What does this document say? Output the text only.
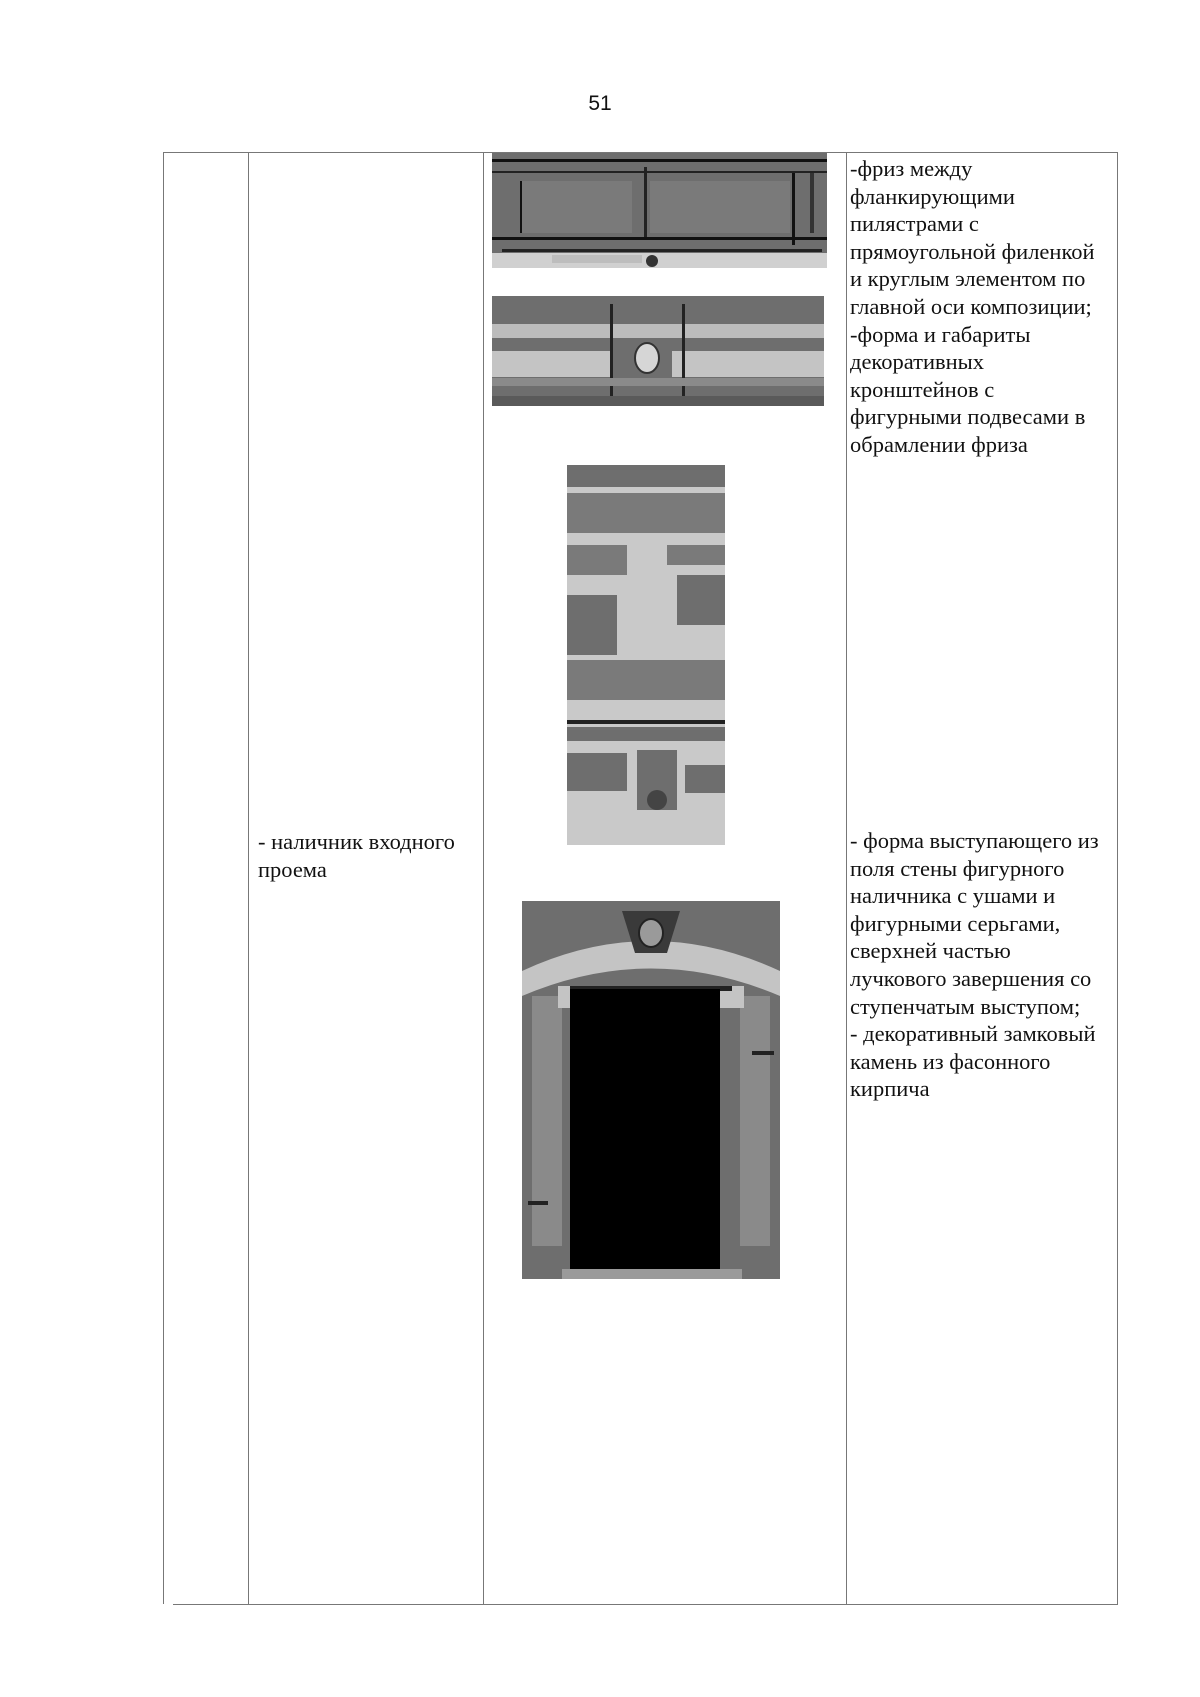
51
- наличник входного
проема
-фриз между
фланкирующими
пилястрами с
прямоугольной филенкой
и круглым элементом по
главной оси композиции;
-форма и габариты
декоративных
кронштейнов с
фигурными подвесами в
обрамлении фриза
- форма выступающего из
поля стены фигурного
наличника с ушами и
фигурными серьгами,
сверхней частью
лучкового завершения со
ступенчатым выступом;
- декоративный замковый
камень из фасонного
кирпича
